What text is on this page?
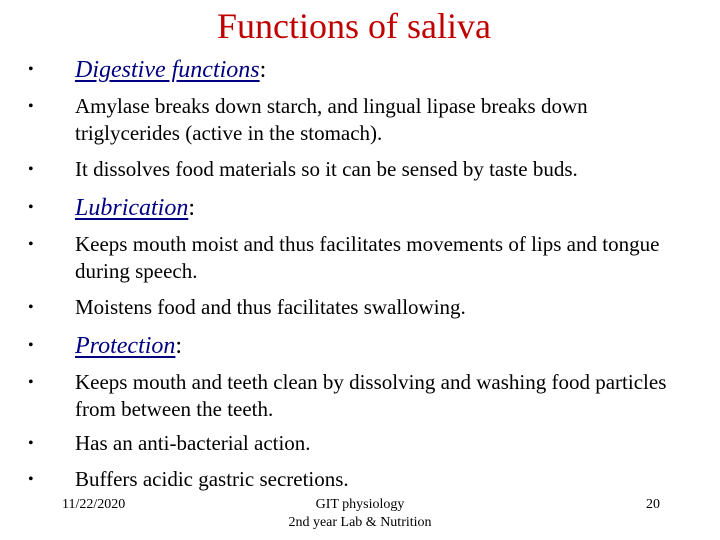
Functions of saliva
•	Digestive functions:
•	Amylase breaks down starch, and lingual lipase breaks down triglycerides (active in the stomach).
•	It dissolves food materials so it can be sensed by taste buds.
•	Lubrication:
•	Keeps mouth moist and thus facilitates movements of lips and tongue during speech.
•	Moistens food and thus facilitates swallowing.
•	Protection:
•	Keeps mouth and teeth clean by dissolving and washing food particles from between the teeth.
•	Has an anti-bacterial action.
•	Buffers acidic gastric secretions.
11/22/2020	GIT physiology
2nd year Lab & Nutrition
20
